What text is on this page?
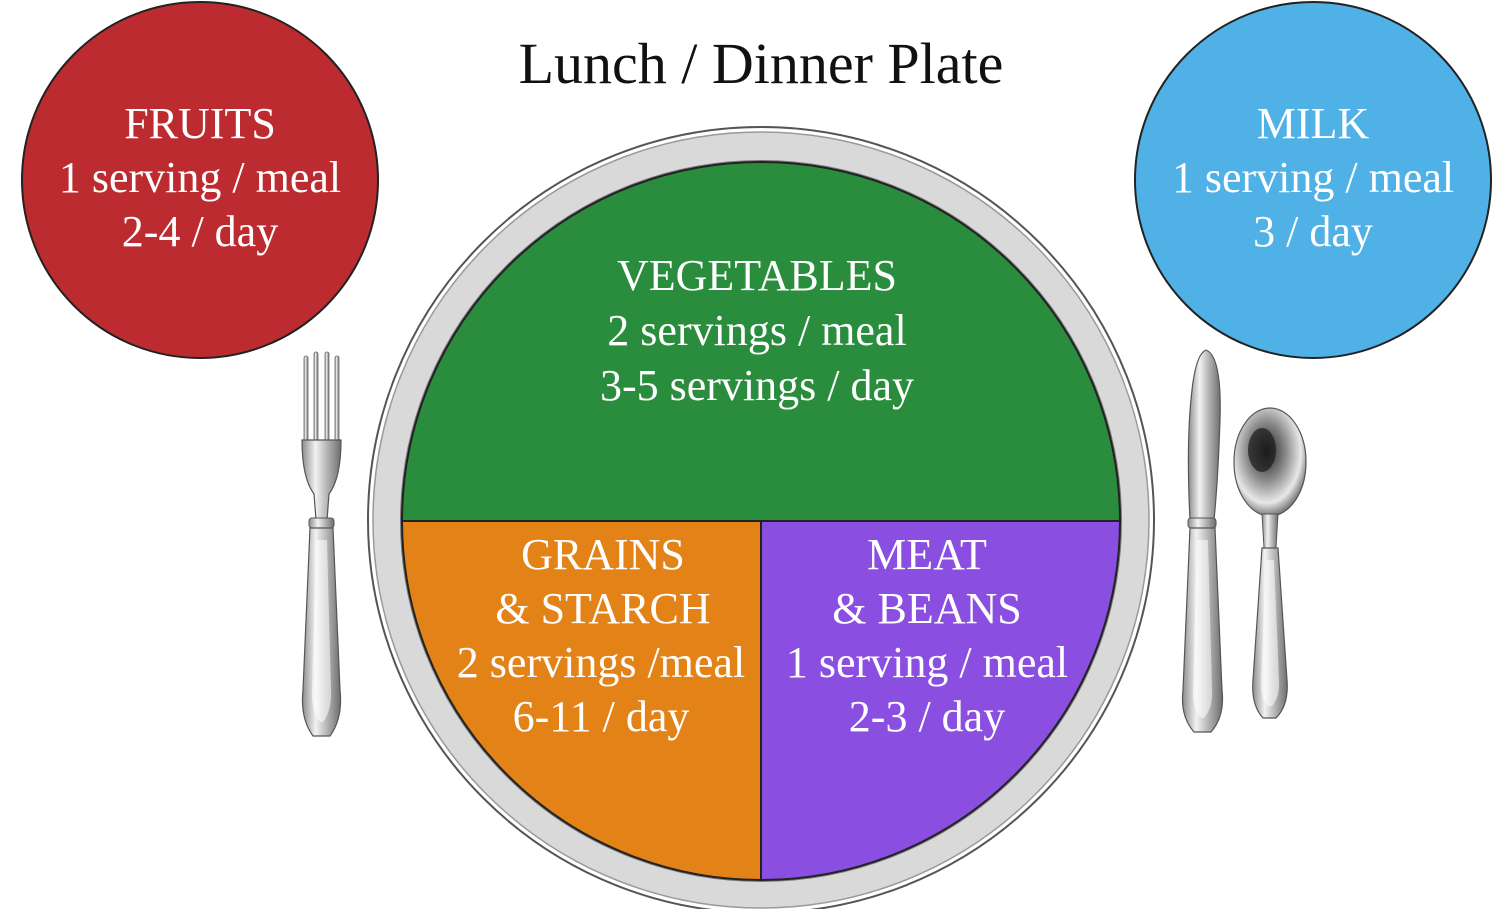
Lunch / Dinner Plate
FRUITS
1 serving / meal
2-4 / day
MILK
1 serving / meal
3 / day
VEGETABLES
2 servings / meal
3-5 servings / day
GRAINS
& STARCH
2 servings /meal
6-11 / day
MEAT
& BEANS
1 serving / meal
2-3 / day
